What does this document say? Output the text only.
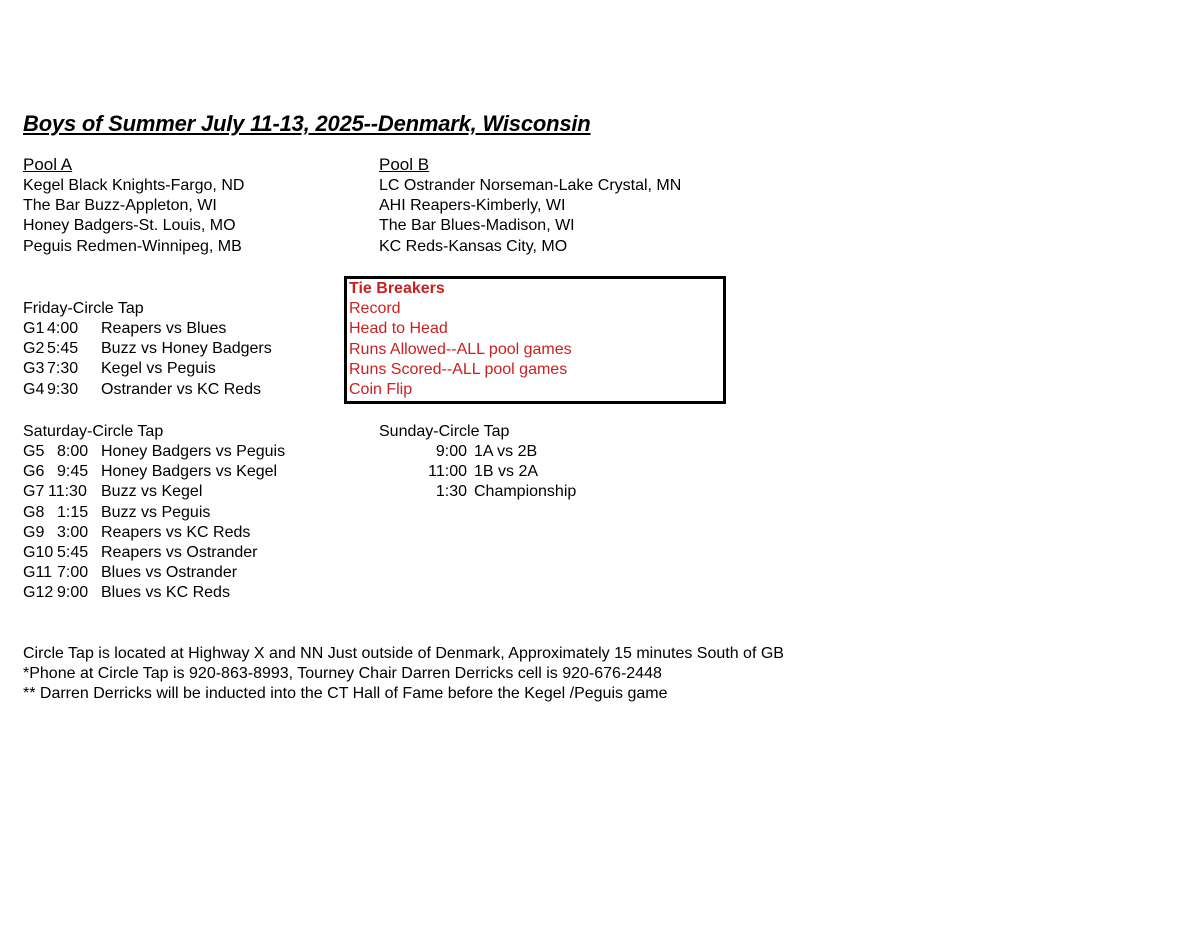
Boys of Summer July 11-13, 2025--Denmark, Wisconsin
Pool A
Kegel Black Knights-Fargo, ND
The Bar Buzz-Appleton, WI
Honey Badgers-St. Louis, MO
Peguis Redmen-Winnipeg, MB
Pool B
LC Ostrander Norseman-Lake Crystal, MN
AHI Reapers-Kimberly, WI
The Bar Blues-Madison, WI
KC Reds-Kansas City, MO
Tie Breakers
Record
Head to Head
Runs Allowed--ALL pool games
Runs Scored--ALL pool games
Coin Flip
Friday-Circle Tap
G1 4:00 Reapers vs Blues
G2 5:45 Buzz vs Honey Badgers
G3 7:30 Kegel vs Peguis
G4 9:30 Ostrander vs KC Reds
Saturday-Circle Tap
G5 8:00 Honey Badgers vs Peguis
G6 9:45 Honey Badgers vs Kegel
G7 11:30 Buzz vs Kegel
G8 1:15 Buzz vs Peguis
G9 3:00 Reapers vs KC Reds
G10 5:45 Reapers vs Ostrander
G11 7:00 Blues vs Ostrander
G12 9:00 Blues vs KC Reds
Sunday-Circle Tap
9:00 1A vs 2B
11:00 1B vs 2A
1:30 Championship
Circle Tap is located at Highway X and NN Just outside of Denmark, Approximately 15 minutes South of GB
*Phone at Circle Tap is 920-863-8993, Tourney Chair Darren Derricks cell is 920-676-2448
** Darren Derricks will be inducted into the CT Hall of Fame before the Kegel /Peguis game
